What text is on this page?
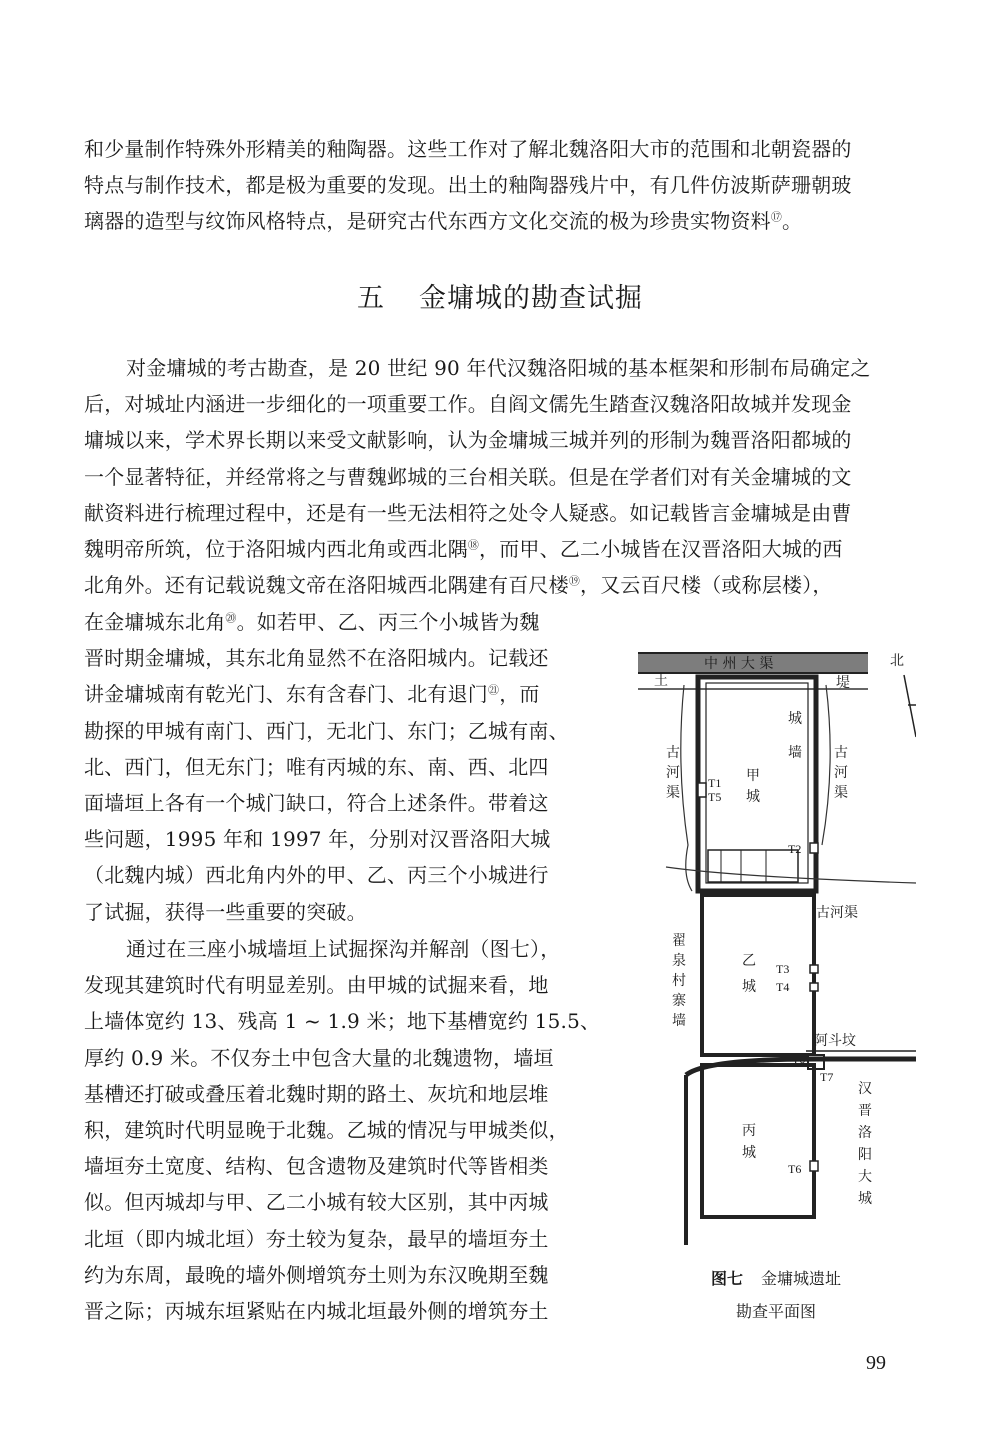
和少量制作特殊外形精美的釉陶器。这些工作对了解北魏洛阳大市的范围和北朝瓷器的
特点与制作技术，都是极为重要的发现。出土的釉陶器残片中，有几件仿波斯萨珊朝玻
璃器的造型与纹饰风格特点，是研究古代东西方文化交流的极为珍贵实物资料⑰。

五 金墉城的勘查试掘

对金墉城的考古勘查，是 20 世纪 90 年代汉魏洛阳城的基本框架和形制布局确定之
后，对城址内涵进一步细化的一项重要工作。自阎文儒先生踏查汉魏洛阳故城并发现金
墉城以来，学术界长期以来受文献影响，认为金墉城三城并列的形制为魏晋洛阳都城的
一个显著特征，并经常将之与曹魏邺城的三台相关联。但是在学者们对有关金墉城的文
献资料进行梳理过程中，还是有一些无法相符之处令人疑惑。如记载皆言金墉城是由曹
魏明帝所筑，位于洛阳城内西北角或西北隅⑱，而甲、乙二小城皆在汉晋洛阳大城的西
北角外。还有记载说魏文帝在洛阳城西北隅建有百尺楼⑲，又云百尺楼（或称层楼），

在金墉城东北角⑳。如若甲、乙、丙三个小城皆为魏
晋时期金墉城，其东北角显然不在洛阳城内。记载还
讲金墉城南有乾光门、东有含春门、北有退门$^㉑$，而
勘探的甲城有南门、西门，无北门、东门；乙城有南、
北、西门，但无东门；唯有丙城的东、南、西、北四
面墙垣上各有一个城门缺口，符合上述条件。带着这
些问题，1995 年和 1997 年，分别对汉晋洛阳大城
（北魏内城）西北角内外的甲、乙、丙三个小城进行
了试掘，获得一些重要的突破。

通过在三座小城墙垣上试掘探沟并解剖（图七），
发现其建筑时代有明显差别。由甲城的试掘来看，地
上墙体宽约 13、残高 1 ~ 1.9 米；地下基槽宽约 15.5、
厚约 0.9 米。不仅夯土中包含大量的北魏遗物，墙垣
基槽还打破或叠压着北魏时期的路土、灰坑和地层堆
积，建筑时代明显晚于北魏。乙城的情况与甲城类似，
墙垣夯土宽度、结构、包含遗物及建筑时代等皆相类
似。但丙城却与甲、乙二小城有较大区别，其中丙城
北垣（即内城北垣）夯土较为复杂，最早的墙垣夯土
约为东周，最晚的墙外侧增筑夯土则为东汉晚期至魏
晋之际；丙城东垣紧贴在内城北垣最外侧的增筑夯土

中 州 大 渠	北
土	堤
城
墙
甲
城
古
河
渠
古
河
渠
T1
T5
T2
古河渠
乙
城
T3
T4
翟
泉
村
寨
墙
阿斗坟
T8
T7
丙
城
T6
汉
晋
洛
阳
大
城
图七 金墉城遗址
勘查平面图
99
